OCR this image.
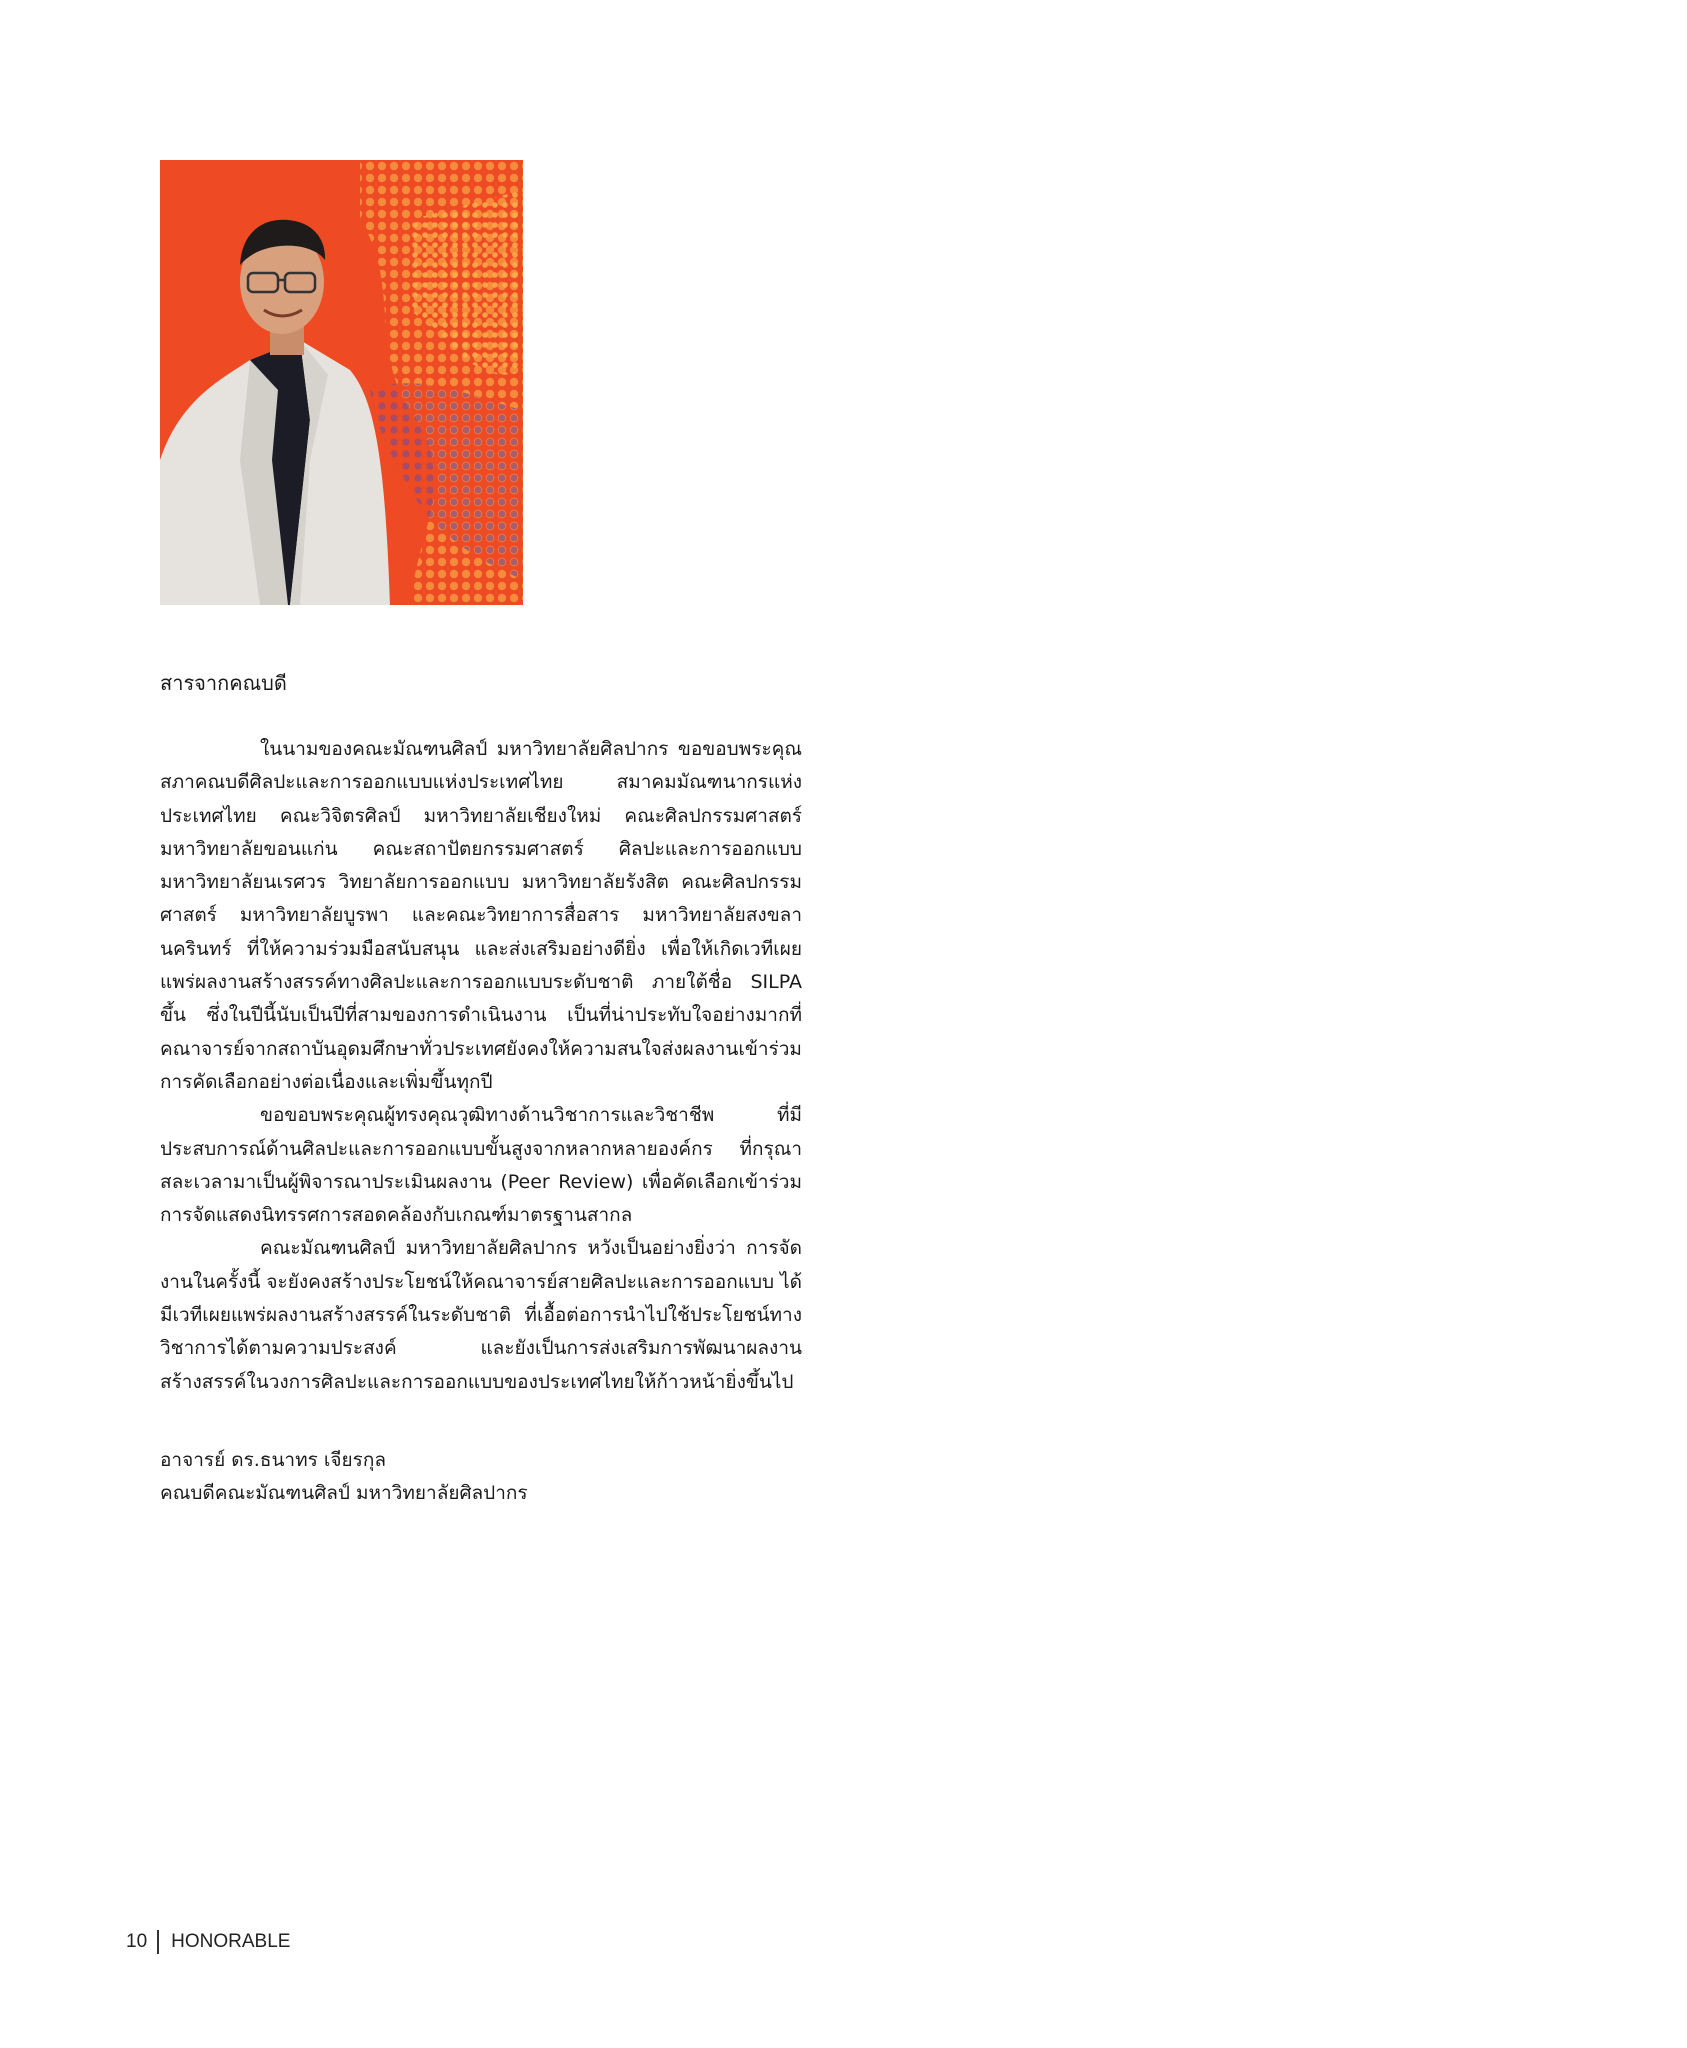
สารจากคณบดี

ในนามของคณะมัณฑนศิลป์ มหาวิทยาลัยศิลปากร ขอขอบพระคุณสภาคณบดีศิลปะและการออกแบบแห่งประเทศไทย สมาคมมัณฑนากรแห่งประเทศไทย คณะวิจิตรศิลป์ มหาวิทยาลัยเชียงใหม่ คณะศิลปกรรมศาสตร์ มหาวิทยาลัยขอนแก่น คณะสถาปัตยกรรมศาสตร์ ศิลปะและการออกแบบ มหาวิทยาลัยนเรศวร วิทยาลัยการออกแบบ มหาวิทยาลัยรังสิต คณะศิลปกรรมศาสตร์ มหาวิทยาลัยบูรพา และคณะวิทยาการสื่อสาร มหาวิทยาลัยสงขลานครินทร์ ที่ให้ความร่วมมือสนับสนุน และส่งเสริมอย่างดียิ่ง เพื่อให้เกิดเวทีเผยแพร่ผลงานสร้างสรรค์ทางศิลปะและการออกแบบระดับชาติ ภายใต้ชื่อ SILPA ขึ้น ซึ่งในปีนี้นับเป็นปีที่สามของการดำเนินงาน เป็นที่น่าประทับใจอย่างมากที่คณาจารย์จากสถาบันอุดมศึกษาทั่วประเทศยังคงให้ความสนใจส่งผลงานเข้าร่วมการคัดเลือกอย่างต่อเนื่องและเพิ่มขึ้นทุกปี

ขอขอบพระคุณผู้ทรงคุณวุฒิทางด้านวิชาการและวิชาชีพ ที่มีประสบการณ์ด้านศิลปะและการออกแบบขั้นสูงจากหลากหลายองค์กร ที่กรุณาสละเวลามาเป็นผู้พิจารณาประเมินผลงาน (Peer Review) เพื่อคัดเลือกเข้าร่วมการจัดแสดงนิทรรศการสอดคล้องกับเกณฑ์มาตรฐานสากล

คณะมัณฑนศิลป์ มหาวิทยาลัยศิลปากร หวังเป็นอย่างยิ่งว่า การจัดงานในครั้งนี้ จะยังคงสร้างประโยชน์ให้คณาจารย์สายศิลปะและการออกแบบ ได้มีเวทีเผยแพร่ผลงานสร้างสรรค์ในระดับชาติ ที่เอื้อต่อการนำไปใช้ประโยชน์ทางวิชาการได้ตามความประสงค์ และยังเป็นการส่งเสริมการพัฒนาผลงานสร้างสรรค์ในวงการศิลปะและการออกแบบของประเทศไทยให้ก้าวหน้ายิ่งขึ้นไป

อาจารย์ ดร.ธนาทร เจียรกุล
คณบดีคณะมัณฑนศิลป์ มหาวิทยาลัยศิลปากร
10 HONORABLE
